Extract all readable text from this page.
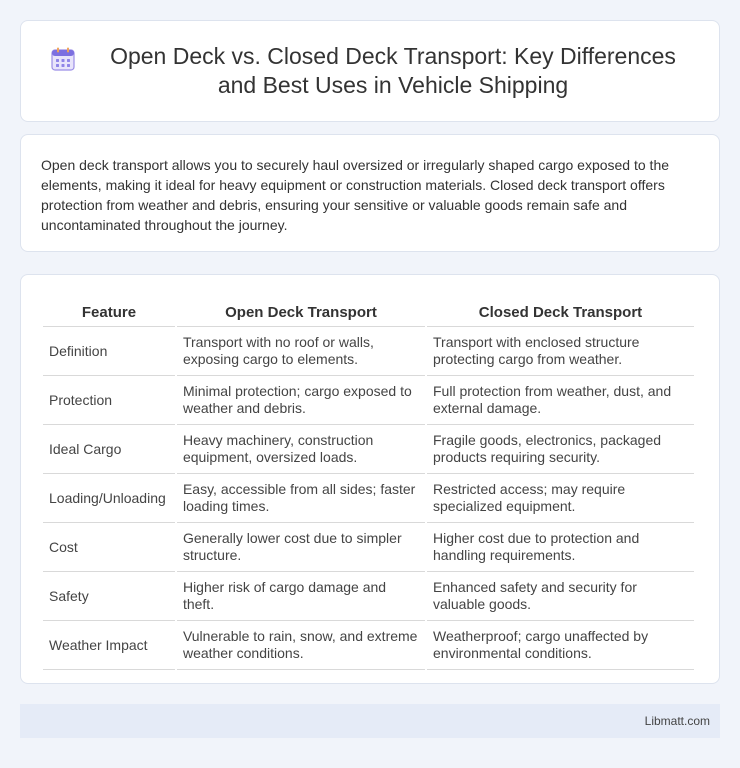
Open Deck vs. Closed Deck Transport: Key Differences and Best Uses in Vehicle Shipping

Open deck transport allows you to securely haul oversized or irregularly shaped cargo exposed to the elements, making it ideal for heavy equipment or construction materials. Closed deck transport offers protection from weather and debris, ensuring your sensitive or valuable goods remain safe and uncontaminated throughout the journey.

Feature	Open Deck Transport	Closed Deck Transport
Definition	Transport with no roof or walls, exposing cargo to elements.	Transport with enclosed structure protecting cargo from weather.
Protection	Minimal protection; cargo exposed to weather and debris.	Full protection from weather, dust, and external damage.
Ideal Cargo	Heavy machinery, construction equipment, oversized loads.	Fragile goods, electronics, packaged products requiring security.
Loading/Unloading	Easy, accessible from all sides; faster loading times.	Restricted access; may require specialized equipment.
Cost	Generally lower cost due to simpler structure.	Higher cost due to protection and handling requirements.
Safety	Higher risk of cargo damage and theft.	Enhanced safety and security for valuable goods.
Weather Impact	Vulnerable to rain, snow, and extreme weather conditions.	Weatherproof; cargo unaffected by environmental conditions.
Libmatt.com
